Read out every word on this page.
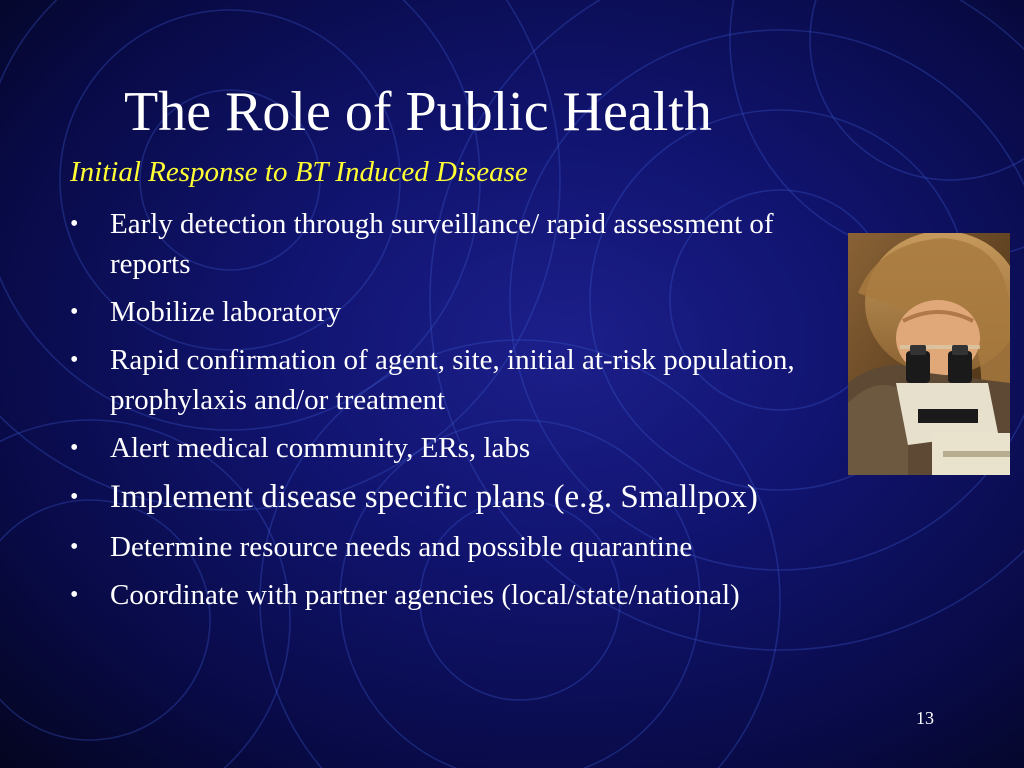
The Role of Public Health
Initial Response to BT Induced Disease
• Early detection through surveillance/ rapid assessment of reports
• Mobilize laboratory
• Rapid confirmation of agent, site, initial at-risk population, prophylaxis and/or treatment
• Alert medical community, ERs, labs
• Implement disease specific plans (e.g. Smallpox)
• Determine resource needs and possible quarantine
• Coordinate with partner agencies (local/state/national)
13
